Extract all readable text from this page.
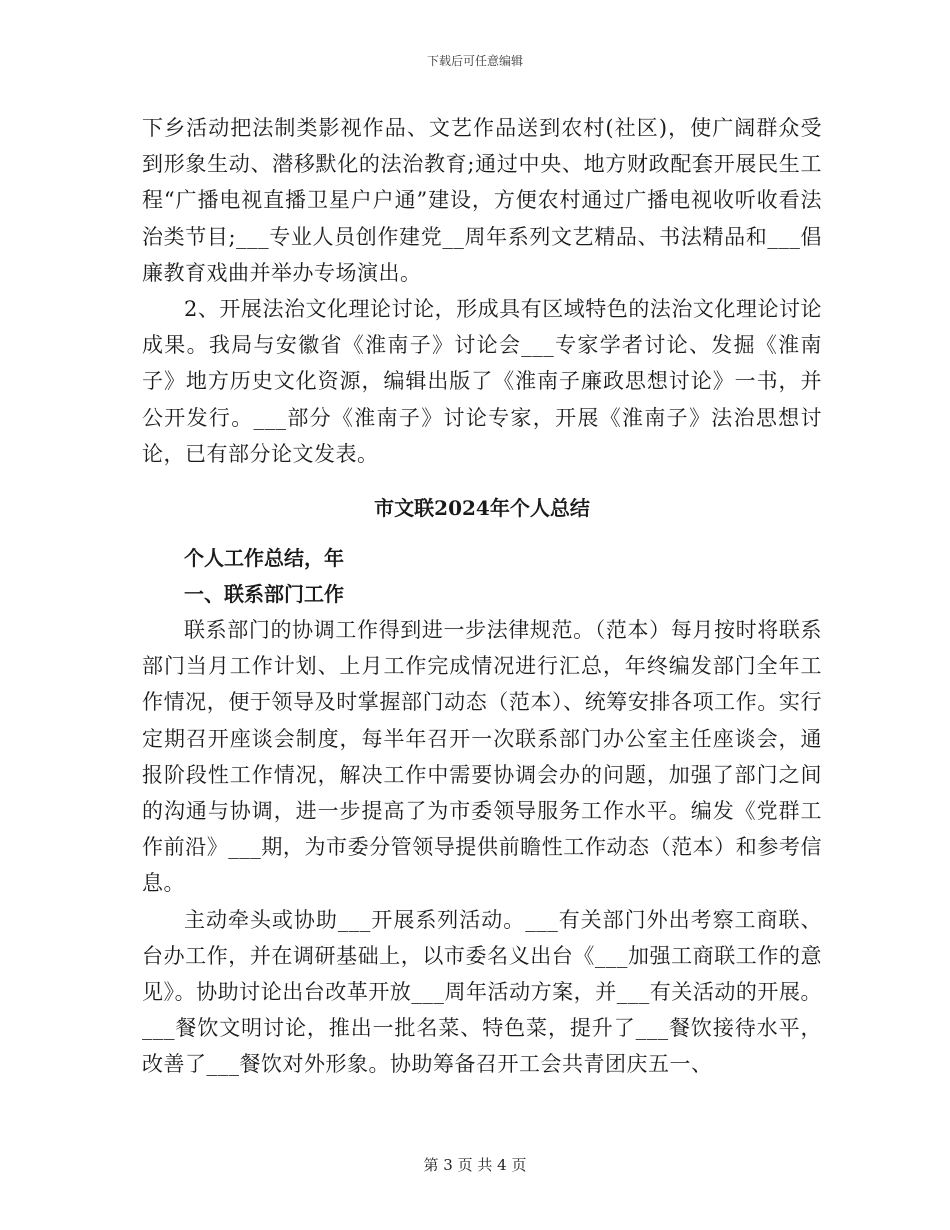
下载后可任意编辑

下乡活动把法制类影视作品、文艺作品送到农村(社区)，使广阔群众受到形象生动、潜移默化的法治教育;通过中央、地方财政配套开展民生工程“广播电视直播卫星户户通”建设，方便农村通过广播电视收听收看法治类节目;___专业人员创作建党__周年系列文艺精品、书法精品和___倡廉教育戏曲并举办专场演出。

2、开展法治文化理论讨论，形成具有区域特色的法治文化理论讨论成果。我局与安徽省《淮南子》讨论会___专家学者讨论、发掘《淮南子》地方历史文化资源，编辑出版了《淮南子廉政思想讨论》一书，并公开发行。___部分《淮南子》讨论专家，开展《淮南子》法治思想讨论，已有部分论文发表。

市文联2024年个人总结

个人工作总结，年

一、联系部门工作

联系部门的协调工作得到进一步法律规范。（范本）每月按时将联系部门当月工作计划、上月工作完成情况进行汇总，年终编发部门全年工作情况，便于领导及时掌握部门动态（范本）、统筹安排各项工作。实行定期召开座谈会制度，每半年召开一次联系部门办公室主任座谈会，通报阶段性工作情况，解决工作中需要协调会办的问题，加强了部门之间的沟通与协调，进一步提高了为市委领导服务工作水平。编发《党群工作前沿》___期，为市委分管领导提供前瞻性工作动态（范本）和参考信息。

主动牵头或协助___开展系列活动。___有关部门外出考察工商联、台办工作，并在调研基础上，以市委名义出台《___加强工商联工作的意见》。协助讨论出台改革开放___周年活动方案，并___有关活动的开展。___餐饮文明讨论，推出一批名菜、特色菜，提升了___餐饮接待水平，改善了___餐饮对外形象。协助筹备召开工会共青团庆五一、

第 3 页 共 4 页
